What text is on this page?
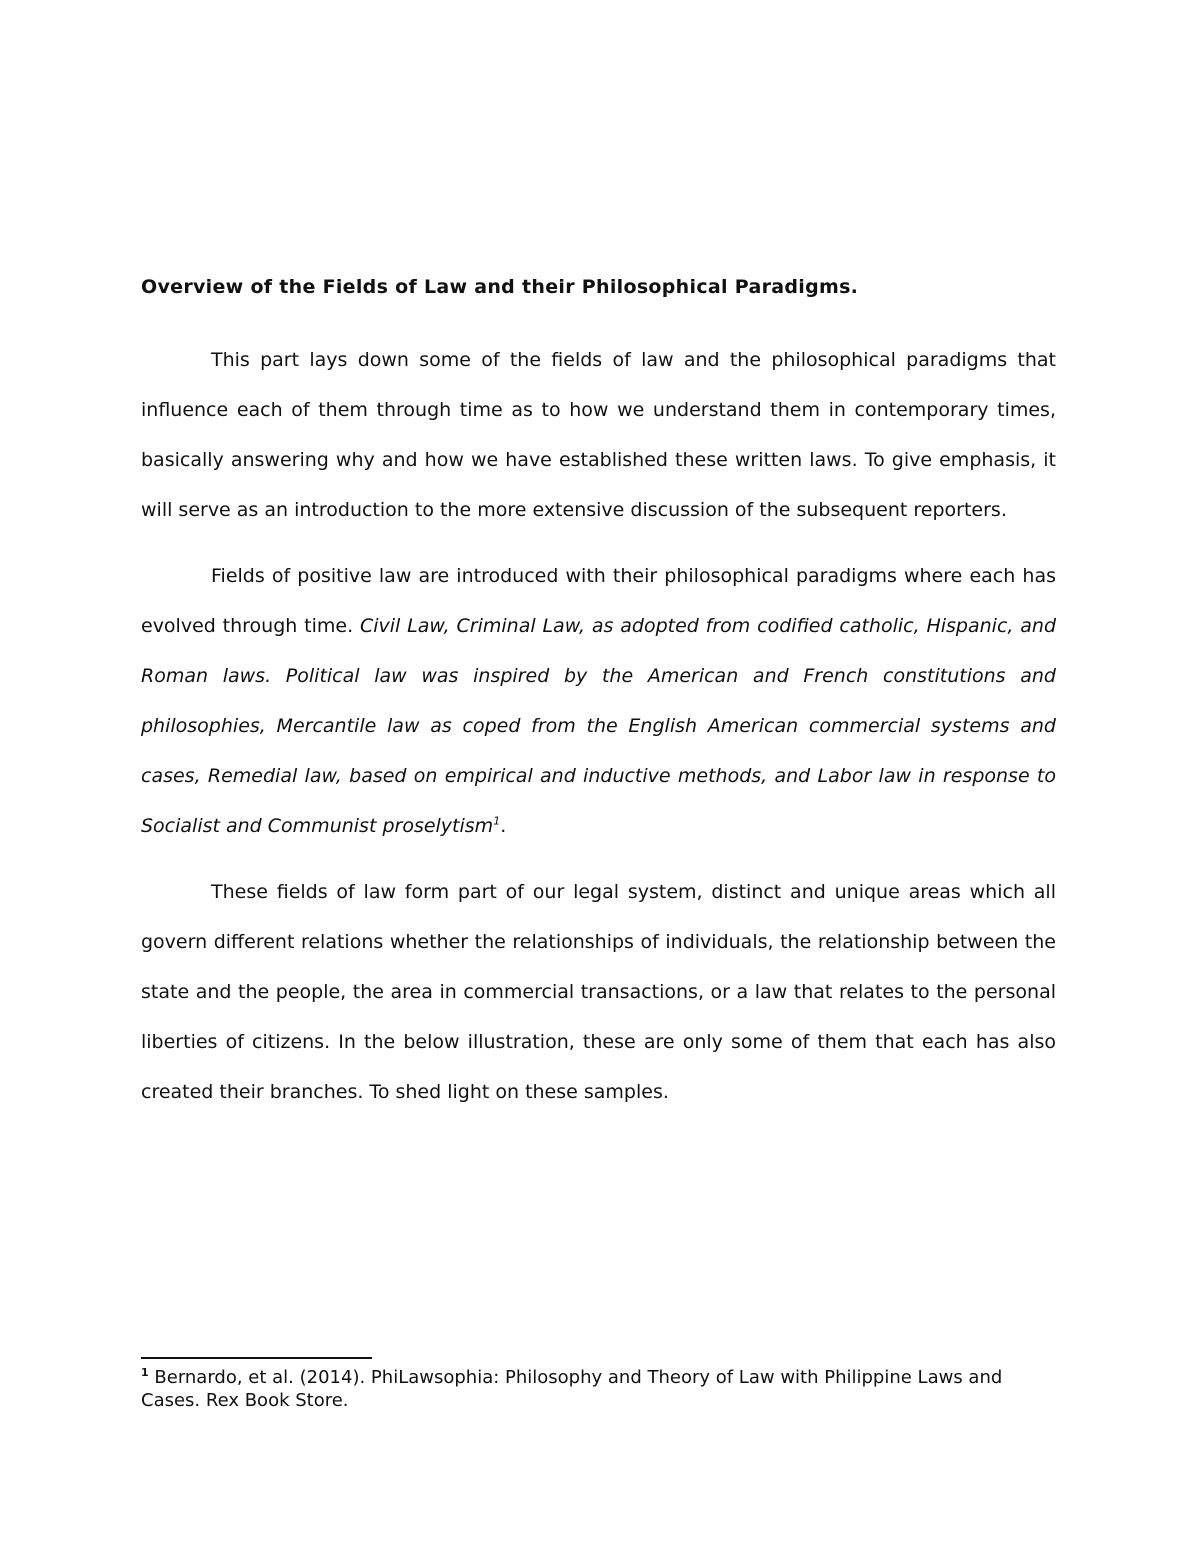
Overview of the Fields of Law and their Philosophical Paradigms.

This part lays down some of the fields of law and the philosophical paradigms that influence each of them through time as to how we understand them in contemporary times, basically answering why and how we have established these written laws. To give emphasis, it will serve as an introduction to the more extensive discussion of the subsequent reporters.

Fields of positive law are introduced with their philosophical paradigms where each has evolved through time. Civil Law, Criminal Law, as adopted from codified catholic, Hispanic, and Roman laws. Political law was inspired by the American and French constitutions and philosophies, Mercantile law as coped from the English American commercial systems and cases, Remedial law, based on empirical and inductive methods, and Labor law in response to Socialist and Communist proselytism$^1$.

These fields of law form part of our legal system, distinct and unique areas which all govern different relations whether the relationships of individuals, the relationship between the state and the people, the area in commercial transactions, or a law that relates to the personal liberties of citizens. In the below illustration, these are only some of them that each has also created their branches. To shed light on these samples.

$^1$ Bernardo, et al. (2014). PhiLawsophia: Philosophy and Theory of Law with Philippine Laws and Cases. Rex Book Store.
